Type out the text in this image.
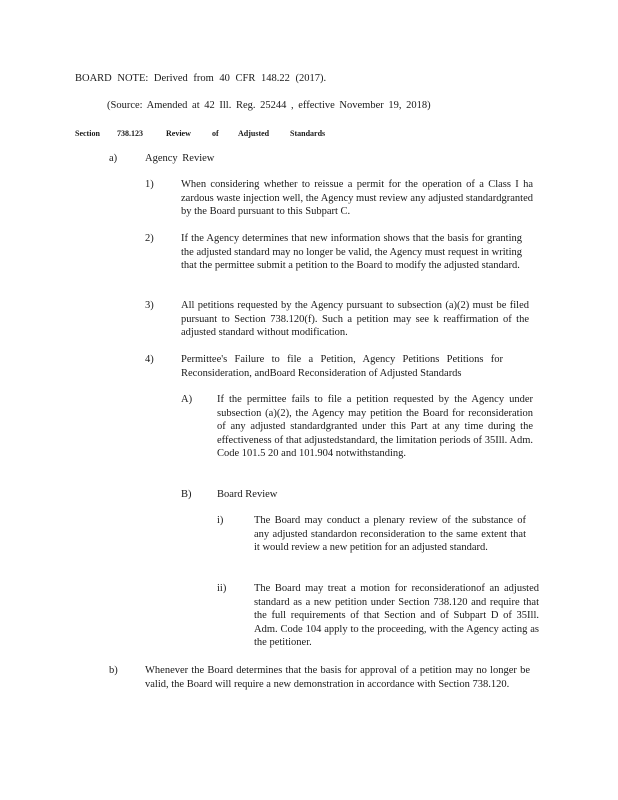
BOARD NOTE: Derived from 40 CFR 148.22 (2017).
(Source: Amended at 42 Ill. Reg. 25244 , effective November 19, 2018)
Section 738.123	Review	of Adjusted	Standards
a)	Agency Review
1)	When considering whether to reissue a permit for the operation of a Class I ha zardous waste injection well, the Agency must review any adjusted standardgranted by the Board pursuant to this Subpart C.
2)	If the Agency determines that new information shows that the basis for granting the adjusted standard may no longer be valid, the Agency must request in writing that the permittee submit a petition to the Board to modify the adjusted standard.
3)	All petitions requested by the Agency pursuant to subsection (a)(2) must be filed pursuant to Section 738.120(f). Such a petition may see k reaffirmation of the adjusted standard without modification.
4)	Permittee's Failure to file a Petition, Agency Petitions Petitions for Reconsideration, andBoard Reconsideration of Adjusted Standards
A) If the permittee fails to file a petition requested by the Agency under subsection (a)(2), the Agency may petition the Board for reconsideration of any adjusted standardgranted under this Part at any time during the effectiveness of that adjustedstandard, the limitation periods of 35Ill. Adm. Code 101.5 20 and 101.904 notwithstanding.
B) Board Review
i)	The Board may conduct a plenary review of the substance of any adjusted standardon reconsideration to the same extent that it would review a new petition for an adjusted standard.
ii)	The Board may treat a motion for reconsiderationof an adjusted standard as a new petition under Section 738.120 and require that the full requirements of that Section and of Subpart D of 35Ill. Adm. Code 104 apply to the proceeding, with the Agency acting as the petitioner.
b)	Whenever the Board determines that the basis for approval of a petition may no longer be valid, the Board will require a new demonstration in accordance with Section 738.120.
